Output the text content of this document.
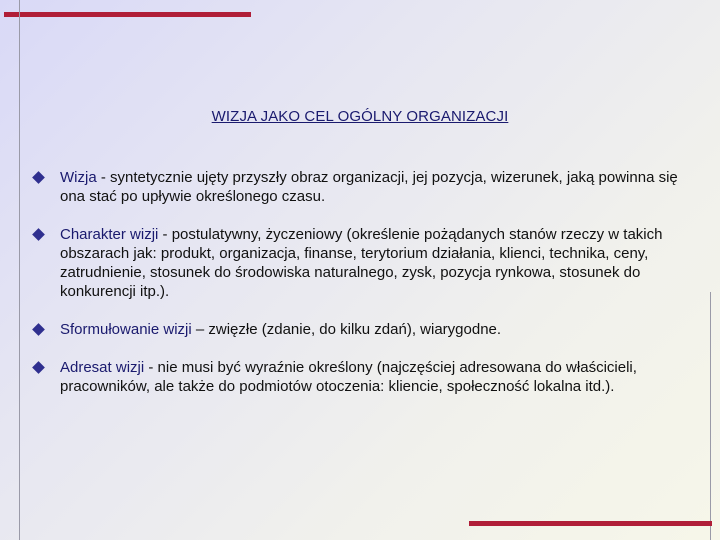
WIZJA JAKO CEL OGÓLNY ORGANIZACJI
Wizja - syntetycznie ujęty przyszły obraz organizacji, jej pozycja, wizerunek, jaką powinna się ona stać po upływie określonego czasu.
Charakter wizji - postulatywny, życzeniowy (określenie pożądanych stanów rzeczy w takich obszarach jak: produkt, organizacja, finanse, terytorium działania, klienci, technika, ceny, zatrudnienie, stosunek do środowiska naturalnego, zysk, pozycja rynkowa, stosunek do konkurencji itp.).
Sformułowanie wizji – zwięzłe (zdanie, do kilku zdań), wiarygodne.
Adresat wizji - nie musi być wyraźnie określony (najczęściej adresowana do właścicieli, pracowników, ale także do podmiotów otoczenia: kliencie, społeczność lokalna itd.).
